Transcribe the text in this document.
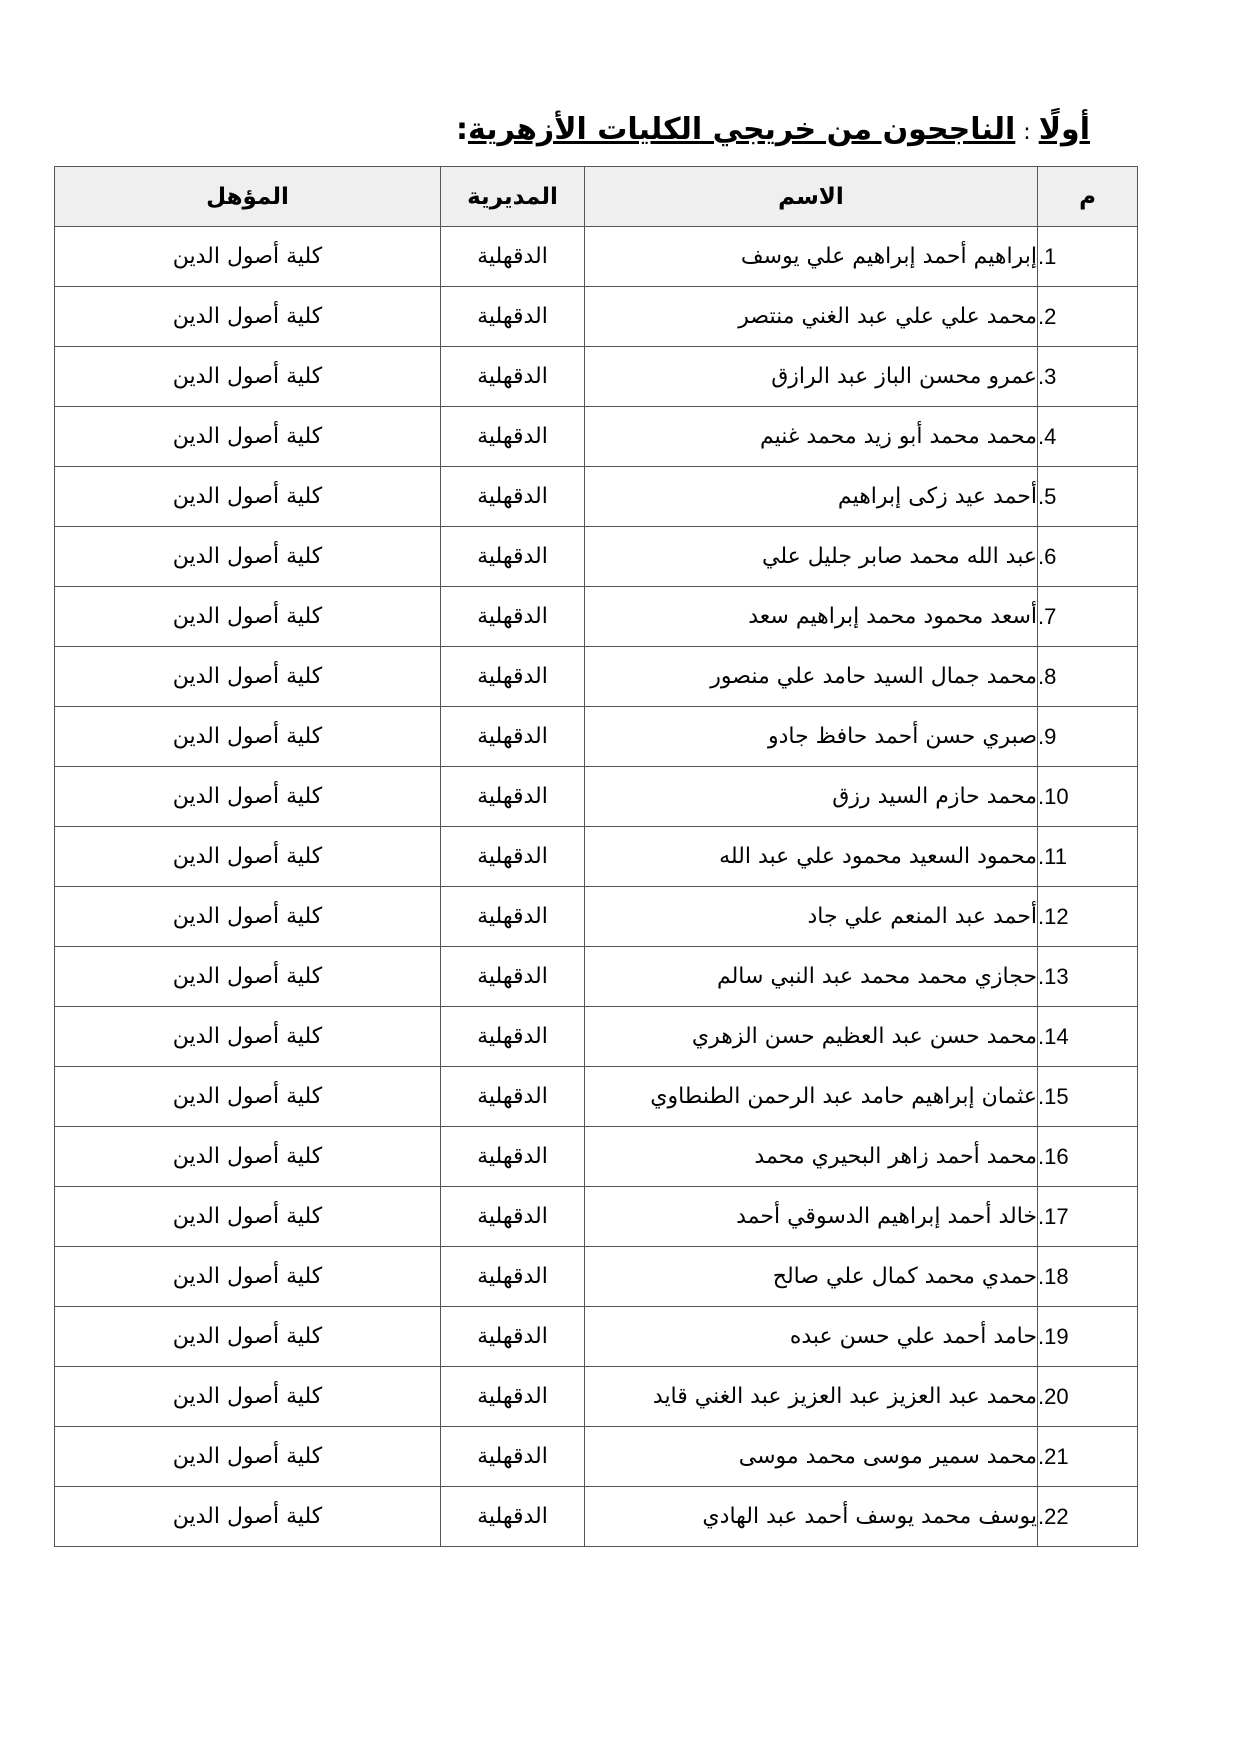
أولًا:الناجحون من خريجي الكليات الأزهرية:
م	الاسم	المديرية	المؤهل
1.	إبراهيم أحمد إبراهيم علي يوسف	الدقهلية	كلية أصول الدين
2.	محمد علي علي عبد الغني منتصر	الدقهلية	كلية أصول الدين
3.	عمرو محسن الباز عبد الرازق	الدقهلية	كلية أصول الدين
4.	محمد محمد أبو زيد محمد غنيم	الدقهلية	كلية أصول الدين
5.	أحمد عيد زكى إبراهيم	الدقهلية	كلية أصول الدين
6.	عبد الله محمد صابر جليل علي	الدقهلية	كلية أصول الدين
7.	أسعد محمود محمد إبراهيم سعد	الدقهلية	كلية أصول الدين
8.	محمد جمال السيد حامد علي منصور	الدقهلية	كلية أصول الدين
9.	صبري حسن أحمد حافظ جادو	الدقهلية	كلية أصول الدين
10.	محمد حازم السيد رزق	الدقهلية	كلية أصول الدين
11.	محمود السعيد محمود علي عبد الله	الدقهلية	كلية أصول الدين
12.	أحمد عبد المنعم علي جاد	الدقهلية	كلية أصول الدين
13.	حجازي محمد محمد عبد النبي سالم	الدقهلية	كلية أصول الدين
14.	محمد حسن عبد العظيم حسن الزهري	الدقهلية	كلية أصول الدين
15.	عثمان إبراهيم حامد عبد الرحمن الطنطاوي	الدقهلية	كلية أصول الدين
16.	محمد أحمد زاهر البحيري محمد	الدقهلية	كلية أصول الدين
17.	خالد أحمد إبراهيم الدسوقي أحمد	الدقهلية	كلية أصول الدين
18.	حمدي محمد كمال علي صالح	الدقهلية	كلية أصول الدين
19.	حامد أحمد علي حسن عبده	الدقهلية	كلية أصول الدين
20.	محمد عبد العزيز عبد العزيز عبد الغني قايد	الدقهلية	كلية أصول الدين
21.	محمد سمير موسى محمد موسى	الدقهلية	كلية أصول الدين
22.	يوسف محمد يوسف أحمد عبد الهادي	الدقهلية	كلية أصول الدين
